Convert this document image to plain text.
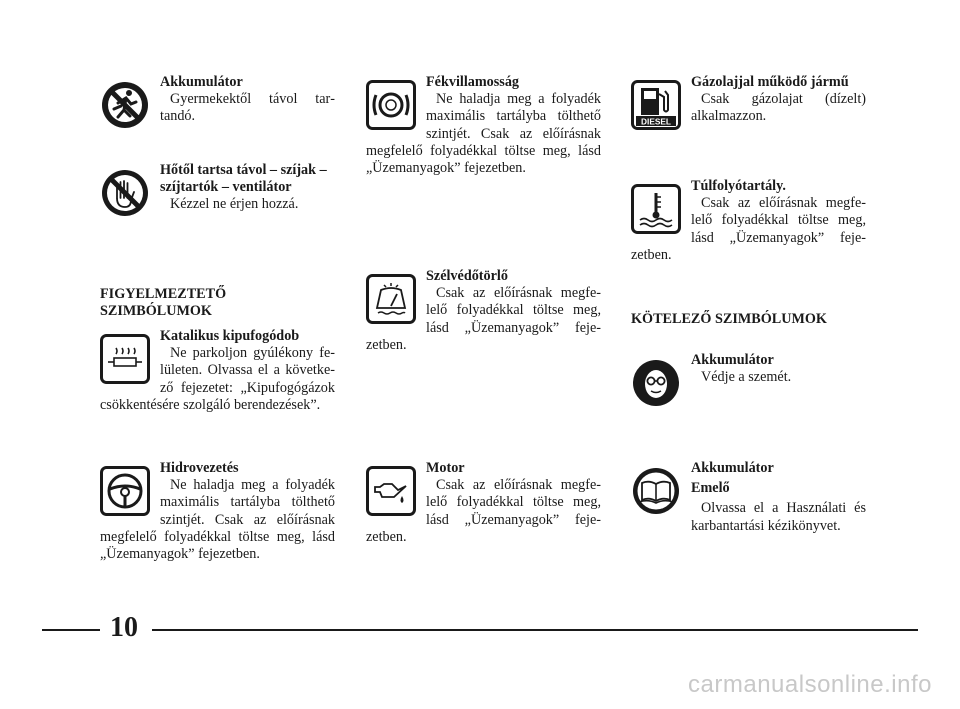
Akkumulátor

Gyermekektől távol tartandó.

Hőtől tartsa távol – szíjak – szíjtartók – ventilátor

Kézzel ne érjen hozzá.

FIGYELMEZTETŐ SZIMBÓLUMOK

Katalikus kipufogódob

Ne parkoljon gyúlékony felületen. Olvassa el a következő fejezetet: „Kipufogógázok csökkentésére szolgáló berendezések”.

Hidrovezetés

Ne haladja meg a folyadék maximális tartályba tölthető szintjét. Csak az előírásnak megfelelő folyadékkal töltse meg, lásd „Üzemanyagok” fejezetben.

Fékvillamosság

Ne haladja meg a folyadék maximális tartályba tölthető szintjét. Csak az előírásnak megfelelő folyadékkal töltse meg, lásd „Üzemanyagok” fejezetben.

Szélvédőtörlő

Csak az előírásnak megfelelő folyadékkal töltse meg, lásd „Üzemanyagok” fejezetben.

Motor

Csak az előírásnak megfelelő folyadékkal töltse meg, lásd „Üzemanyagok” fejezetben.

DIESEL

Gázolajjal működő jármű

Csak gázolajat (dízelt) alkalmazzon.

Túlfolyótartály.

Csak az előírásnak megfelelő folyadékkal töltse meg, lásd „Üzemanyagok” fejezetben.

KÖTELEZŐ SZIMBÓLUMOK

Akkumulátor

Védje a szemét.

Akkumulátor

Emelő

Olvassa el a Használati és karbantartási kézikönyvet.

10
carmanualsonline.info
